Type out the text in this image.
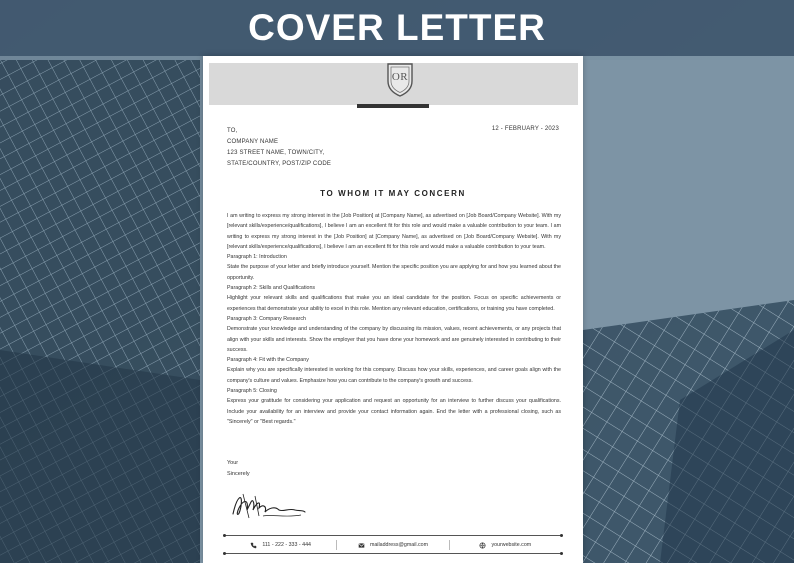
COVER LETTER
OR
TO,
COMPANY NAME
123 STREET NAME, TOWN/CITY,
STATE/COUNTRY, POST/ZIP CODE
12 - FEBRUARY - 2023
TO WHOM IT MAY CONCERN

I am writing to express my strong interest in the [Job Position] at [Company Name], as advertised on [Job Board/Company Website]. With my [relevant skills/experience/qualifications], I believe I am an excellent fit for this role and would make a valuable contribution to your team. I am writing to express my strong interest in the [Job Position] at [Company Name], as advertised on [Job Board/Company Website]. With my [relevant skills/experience/qualifications], I believe I am an excellent fit for this role and would make a valuable contribution to your team.

Paragraph 1: Introduction

State the purpose of your letter and briefly introduce yourself. Mention the specific position you are applying for and how you learned about the opportunity.

Paragraph 2: Skills and Qualifications

Highlight your relevant skills and qualifications that make you an ideal candidate for the position. Focus on specific achievements or experiences that demonstrate your ability to excel in this role. Mention any relevant education, certifications, or training you have completed.

Paragraph 3: Company Research

Demonstrate your knowledge and understanding of the company by discussing its mission, values, recent achievements, or any projects that align with your skills and interests. Show the employer that you have done your homework and are genuinely interested in contributing to their success.

Paragraph 4: Fit with the Company

Explain why you are specifically interested in working for this company. Discuss how your skills, experiences, and career goals align with the company's culture and values. Emphasize how you can contribute to the company's growth and success.

Paragraph 5: Closing

Express your gratitude for considering your application and request an opportunity for an interview to further discuss your qualifications. Include your availability for an interview and provide your contact information again. End the letter with a professional closing, such as "Sincerely" or "Best regards."

Your
Sincerely
111 - 222 - 333 - 444	mailaddress@gmail.com	yourwebsite.com
